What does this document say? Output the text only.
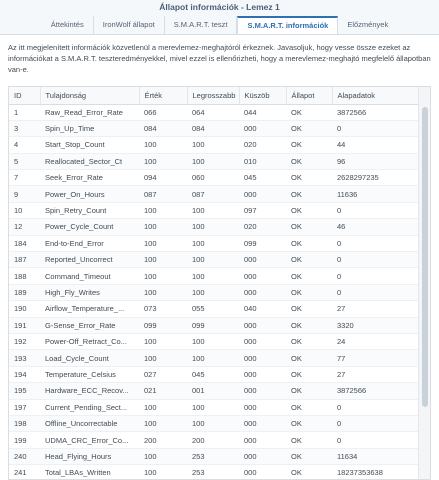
Állapot információk - Lemez 1
Áttekintés	IronWolf állapot	S.M.A.R.T. teszt	S.M.A.R.T. információk	Előzmények
Az itt megjelenített információk közvetlenül a merevlemez-meghajtóról érkeznek. Javasoljuk, hogy vesse össze ezeket az információkat a S.M.A.R.T. teszteredményekkel, mivel ezzel is ellenőrizheti, hogy a merevlemez-meghajtó megfelelő állapotban van-e.
ID	Tulajdonság	Érték	Legrosszabb	Küszöb	Állapot	Alapadatok
1	Raw_Read_Error_Rate	066	064	044	OK	3872566
3	Spin_Up_Time	084	084	000	OK	0
4	Start_Stop_Count	100	100	020	OK	44
5	Reallocated_Sector_Ct	100	100	010	OK	96
7	Seek_Error_Rate	094	060	045	OK	2628297235
9	Power_On_Hours	087	087	000	OK	11636
10	Spin_Retry_Count	100	100	097	OK	0
12	Power_Cycle_Count	100	100	020	OK	46
184	End-to-End_Error	100	100	099	OK	0
187	Reported_Uncorrect	100	100	000	OK	0
188	Command_Timeout	100	100	000	OK	0
189	High_Fly_Writes	100	100	000	OK	0
190	Airflow_Temperature_...	073	055	040	OK	27
191	G-Sense_Error_Rate	099	099	000	OK	3320
192	Power-Off_Retract_Co...	100	100	000	OK	24
193	Load_Cycle_Count	100	100	000	OK	77
194	Temperature_Celsius	027	045	000	OK	27
195	Hardware_ECC_Recov...	021	001	000	OK	3872566
197	Current_Pending_Sect...	100	100	000	OK	0
198	Offline_Uncorrectable	100	100	000	OK	0
199	UDMA_CRC_Error_Co...	200	200	000	OK	0
240	Head_Flying_Hours	100	253	000	OK	11634
241	Total_LBAs_Written	100	253	000	OK	18237353638
